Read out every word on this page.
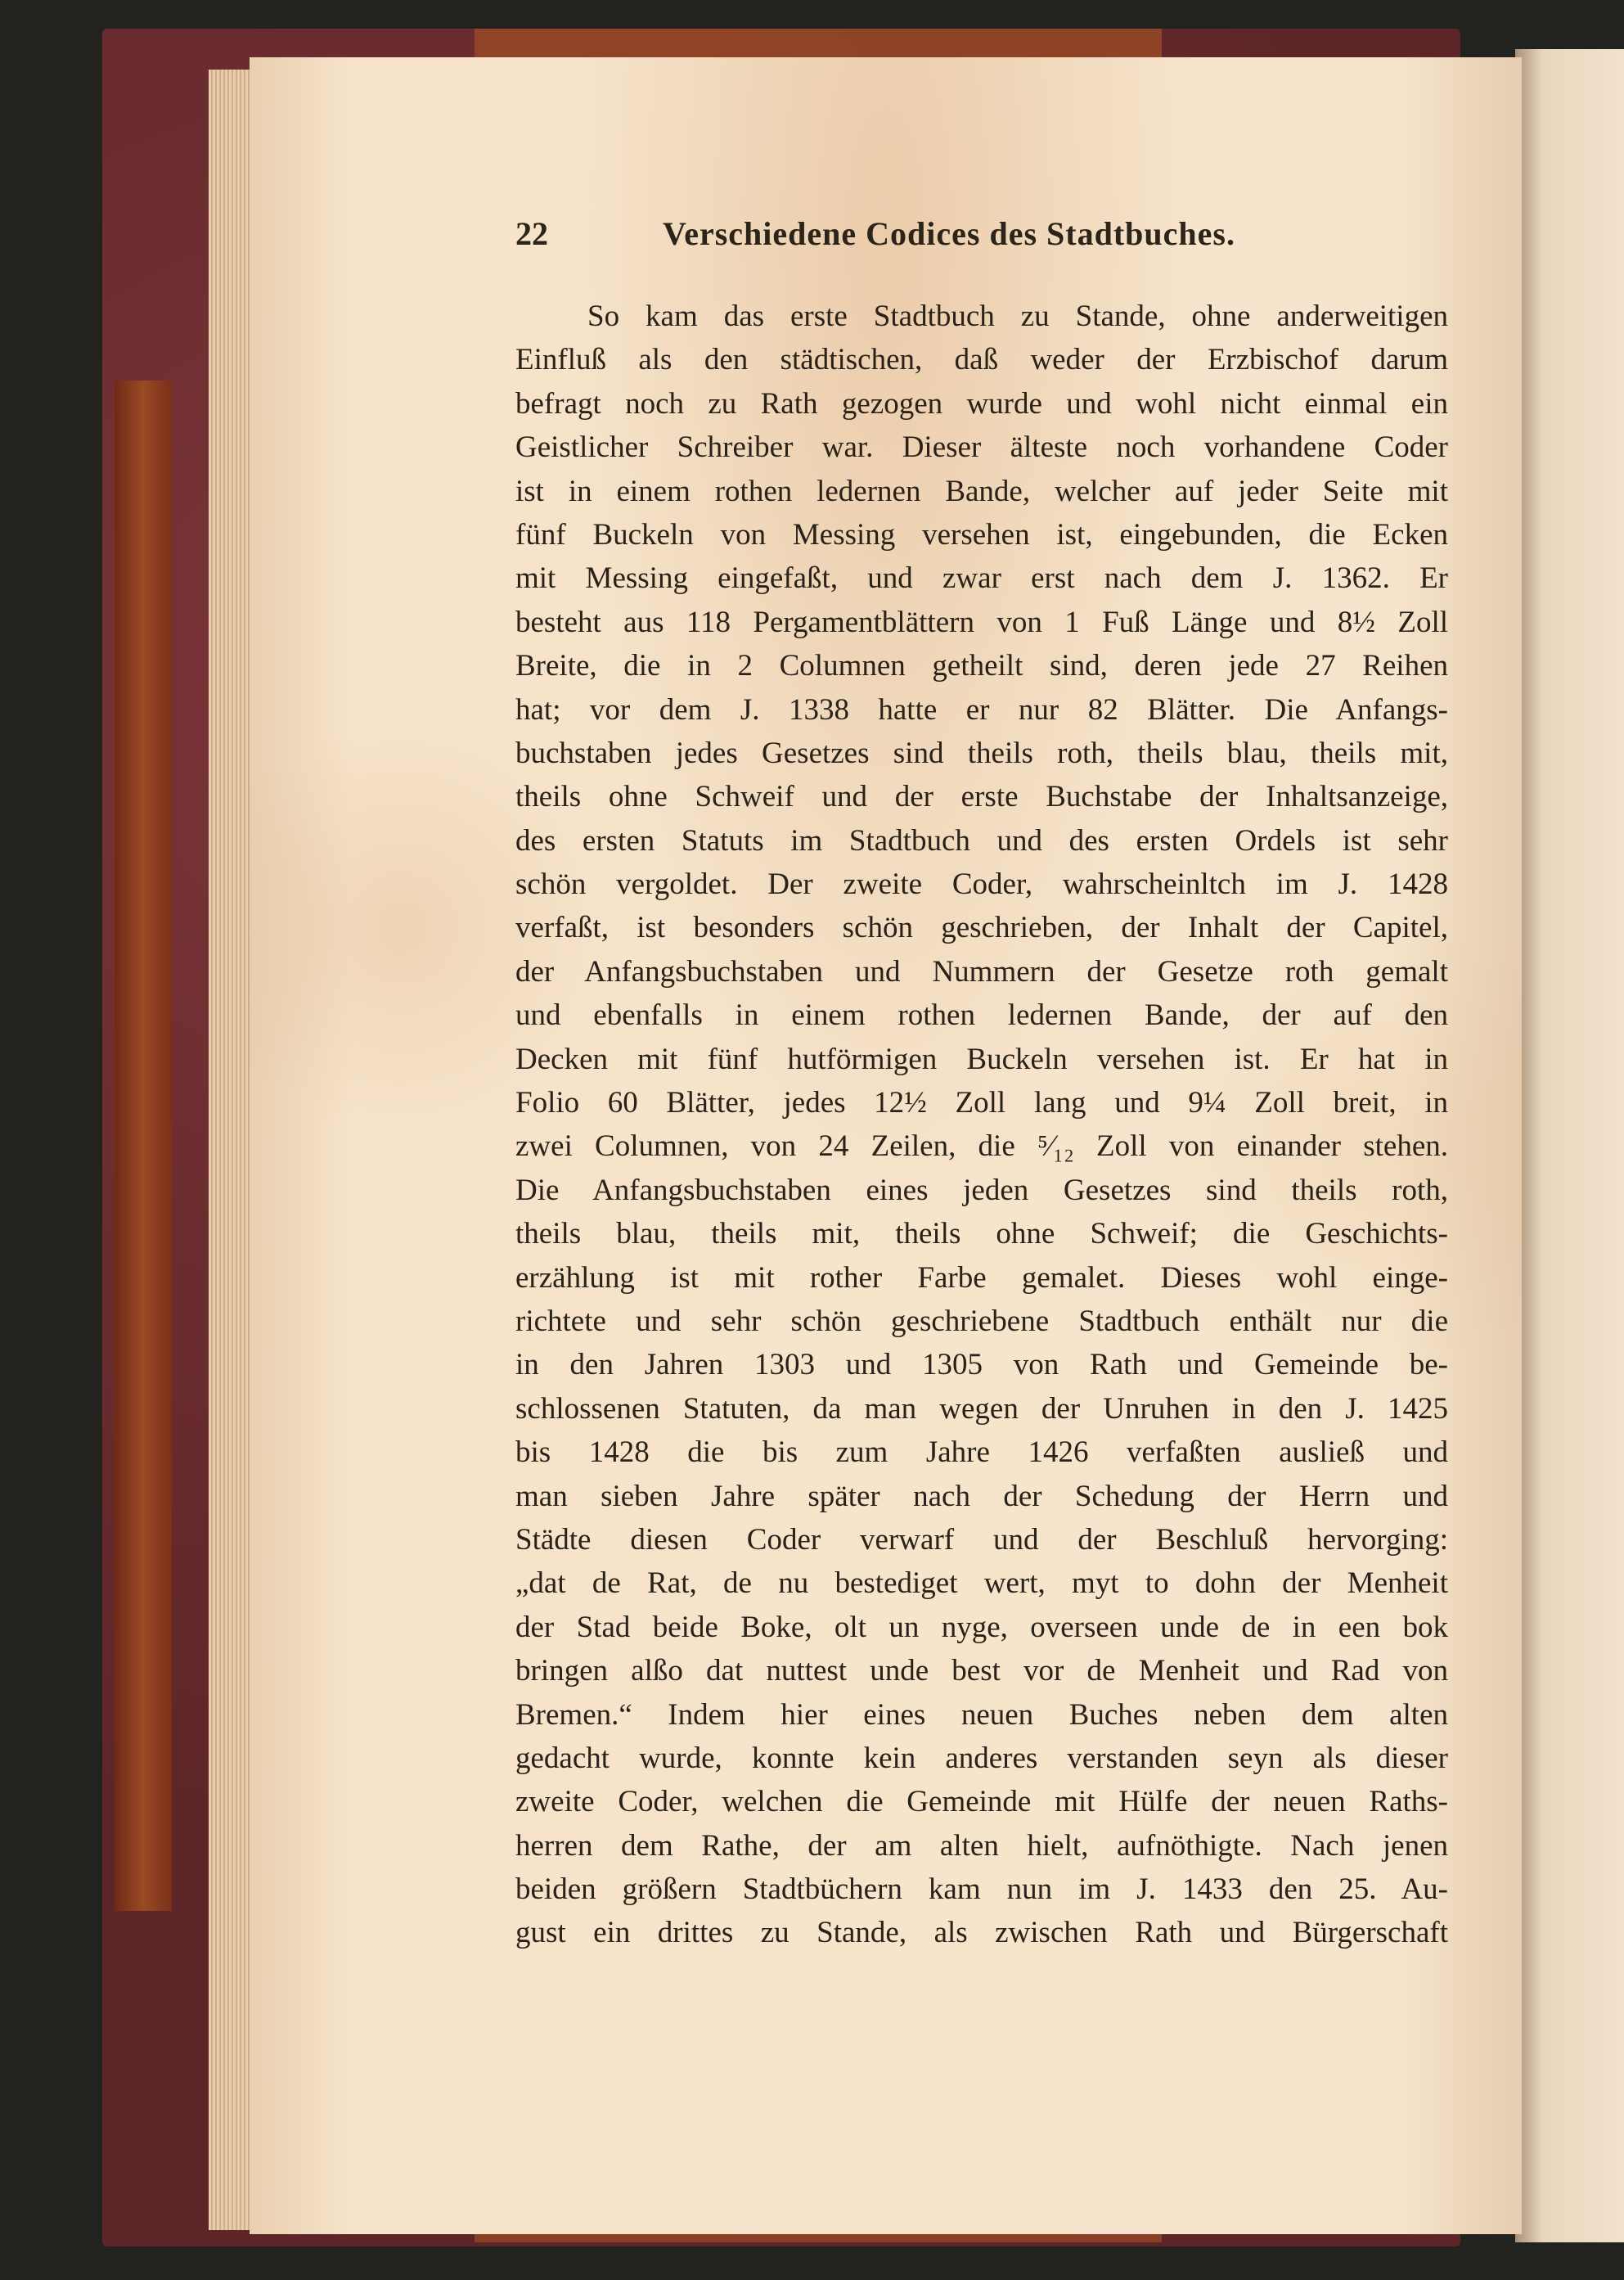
22	Verschiedene Codices des Stadtbuches.
So kam das erste Stadtbuch zu Stande, ohne anderweitigen
Einfluß als den städtischen, daß weder der Erzbischof darum
befragt noch zu Rath gezogen wurde und wohl nicht einmal ein
Geistlicher Schreiber war. Dieser älteste noch vorhandene Coder
ist in einem rothen ledernen Bande, welcher auf jeder Seite mit
fünf Buckeln von Messing versehen ist, eingebunden, die Ecken
mit Messing eingefaßt, und zwar erst nach dem J. 1362. Er
besteht aus 118 Pergamentblättern von 1 Fuß Länge und 8½ Zoll
Breite, die in 2 Columnen getheilt sind, deren jede 27 Reihen
hat; vor dem J. 1338 hatte er nur 82 Blätter. Die Anfangs-
buchstaben jedes Gesetzes sind theils roth, theils blau, theils mit,
theils ohne Schweif und der erste Buchstabe der Inhaltsanzeige,
des ersten Statuts im Stadtbuch und des ersten Ordels ist sehr
schön vergoldet. Der zweite Coder, wahrscheinltch im J. 1428
verfaßt, ist besonders schön geschrieben, der Inhalt der Capitel,
der Anfangsbuchstaben und Nummern der Gesetze roth gemalt
und ebenfalls in einem rothen ledernen Bande, der auf den
Decken mit fünf hutförmigen Buckeln versehen ist. Er hat in
Folio 60 Blätter, jedes 12½ Zoll lang und 9¼ Zoll breit, in
zwei Columnen, von 24 Zeilen, die ⁵⁄₁₂ Zoll von einander stehen.
Die Anfangsbuchstaben eines jeden Gesetzes sind theils roth,
theils blau, theils mit, theils ohne Schweif; die Geschichts-
erzählung ist mit rother Farbe gemalet. Dieses wohl einge-
richtete und sehr schön geschriebene Stadtbuch enthält nur die
in den Jahren 1303 und 1305 von Rath und Gemeinde be-
schlossenen Statuten, da man wegen der Unruhen in den J. 1425
bis 1428 die bis zum Jahre 1426 verfaßten ausließ und
man sieben Jahre später nach der Schedung der Herrn und
Städte diesen Coder verwarf und der Beschluß hervorging:
„dat de Rat, de nu bestediget wert, myt to dohn der Menheit
der Stad beide Boke, olt un nyge, overseen unde de in een bok
bringen alßo dat nuttest unde best vor de Menheit und Rad von
Bremen.“ Indem hier eines neuen Buches neben dem alten
gedacht wurde, konnte kein anderes verstanden seyn als dieser
zweite Coder, welchen die Gemeinde mit Hülfe der neuen Raths-
herren dem Rathe, der am alten hielt, aufnöthigte. Nach jenen
beiden größern Stadtbüchern kam nun im J. 1433 den 25. Au-
gust ein drittes zu Stande, als zwischen Rath und Bürgerschaft
